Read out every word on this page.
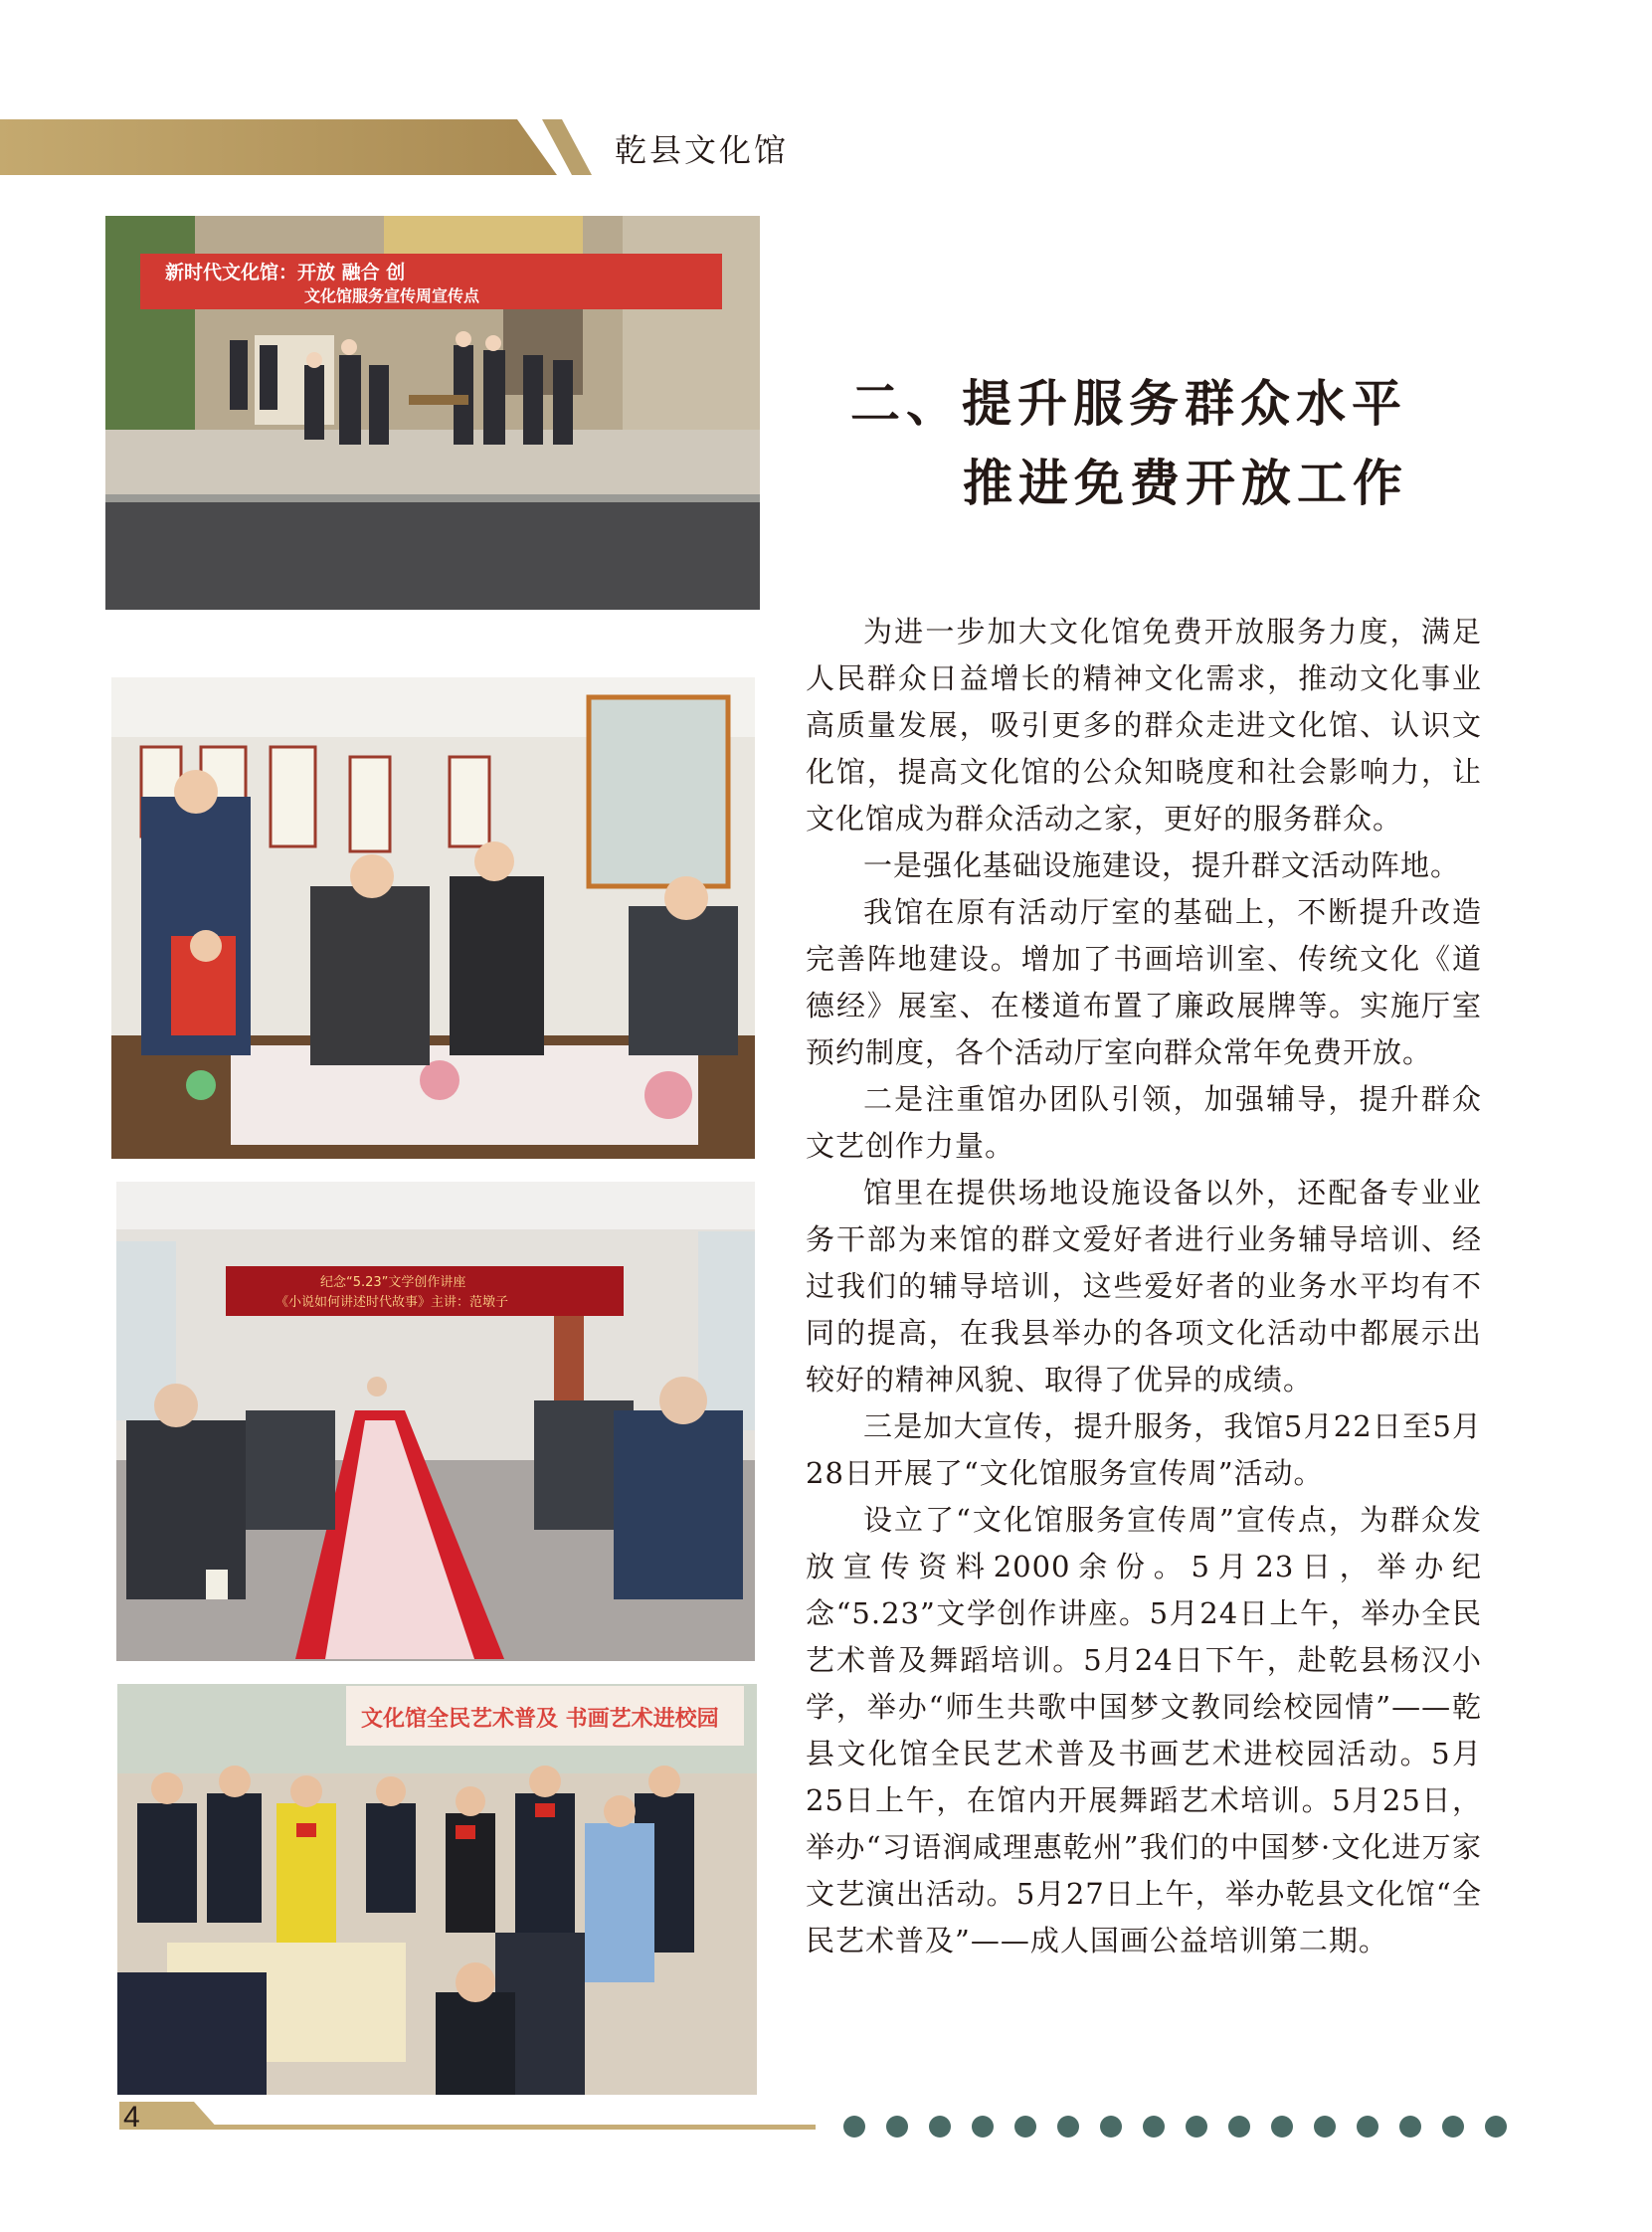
乾县文化馆
新时代文化馆：开放 融合 创
文化馆服务宣传周宣传点
纪念“5.23”文学创作讲座
《小说如何讲述时代故事》主讲：范墩子
文化馆全民艺术普及 书画艺术进校园
二、提升服务群众水平
推进免费开放工作

为进一步加大文化馆免费开放服务力度，满足人民群众日益增长的精神文化需求，推动文化事业高质量发展，吸引更多的群众走进文化馆、认识文化馆，提高文化馆的公众知晓度和社会影响力，让文化馆成为群众活动之家，更好的服务群众。

一是强化基础设施建设，提升群文活动阵地。

我馆在原有活动厅室的基础上，不断提升改造完善阵地建设。增加了书画培训室、传统文化《道德经》展室、在楼道布置了廉政展牌等。实施厅室预约制度，各个活动厅室向群众常年免费开放。

二是注重馆办团队引领，加强辅导，提升群众文艺创作力量。

馆里在提供场地设施设备以外，还配备专业业务干部为来馆的群文爱好者进行业务辅导培训、经过我们的辅导培训，这些爱好者的业务水平均有不同的提高，在我县举办的各项文化活动中都展示出较好的精神风貌、取得了优异的成绩。

三是加大宣传，提升服务，我馆5月22日至5月28日开展了“文化馆服务宣传周”活动。

设立了“文化馆服务宣传周”宣传点，为群众发放宣传资料2000余份。5月23日，举办纪念“5.23”文学创作讲座。5月24日上午，举办全民艺术普及舞蹈培训。5月24日下午，赴乾县杨汉小学，举办“师生共歌中国梦文教同绘校园情”——乾县文化馆全民艺术普及书画艺术进校园活动。5月25日上午，在馆内开展舞蹈艺术培训。5月25日，举办“习语润咸理惠乾州”我们的中国梦·文化进万家文艺演出活动。5月27日上午，举办乾县文化馆“全民艺术普及”——成人国画公益培训第二期。

4
